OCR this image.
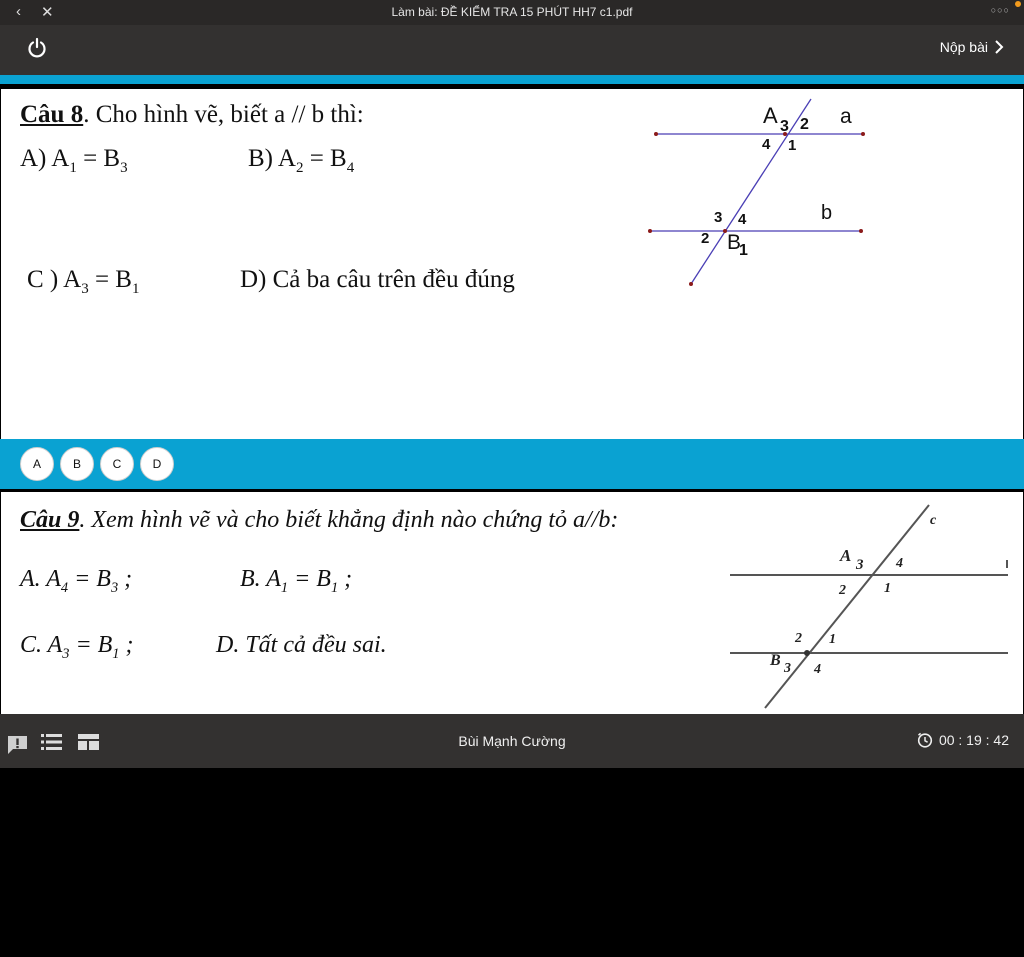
‹ ✕	Làm bài: ĐỀ KIỂM TRA 15 PHÚT HH7 c1.pdf	○○○
Nộp bài
Câu 8. Cho hình vẽ, biết a // b thì:
A) $A_1 = B_3$	B) $A_2 = B_4$
C ) $A_3 = B_1$	D) Cả ba câu trên đều đúng
A 3 2
4 1
a
3 4	b
2 B
1
A	B	C	D
Câu 9. Xem hình vẽ và cho biết khẳng định nào chứng tỏ a//b:
A. $A_4 = B_3$ ;	B. $A_1 = B_1$ ;
C. $A_3 = B_1$ ;	D. Tất cả đều sai.
c
A 3 4
2	1
2 1
B 3 4
Bùi Mạnh Cường	00 : 19 : 42
